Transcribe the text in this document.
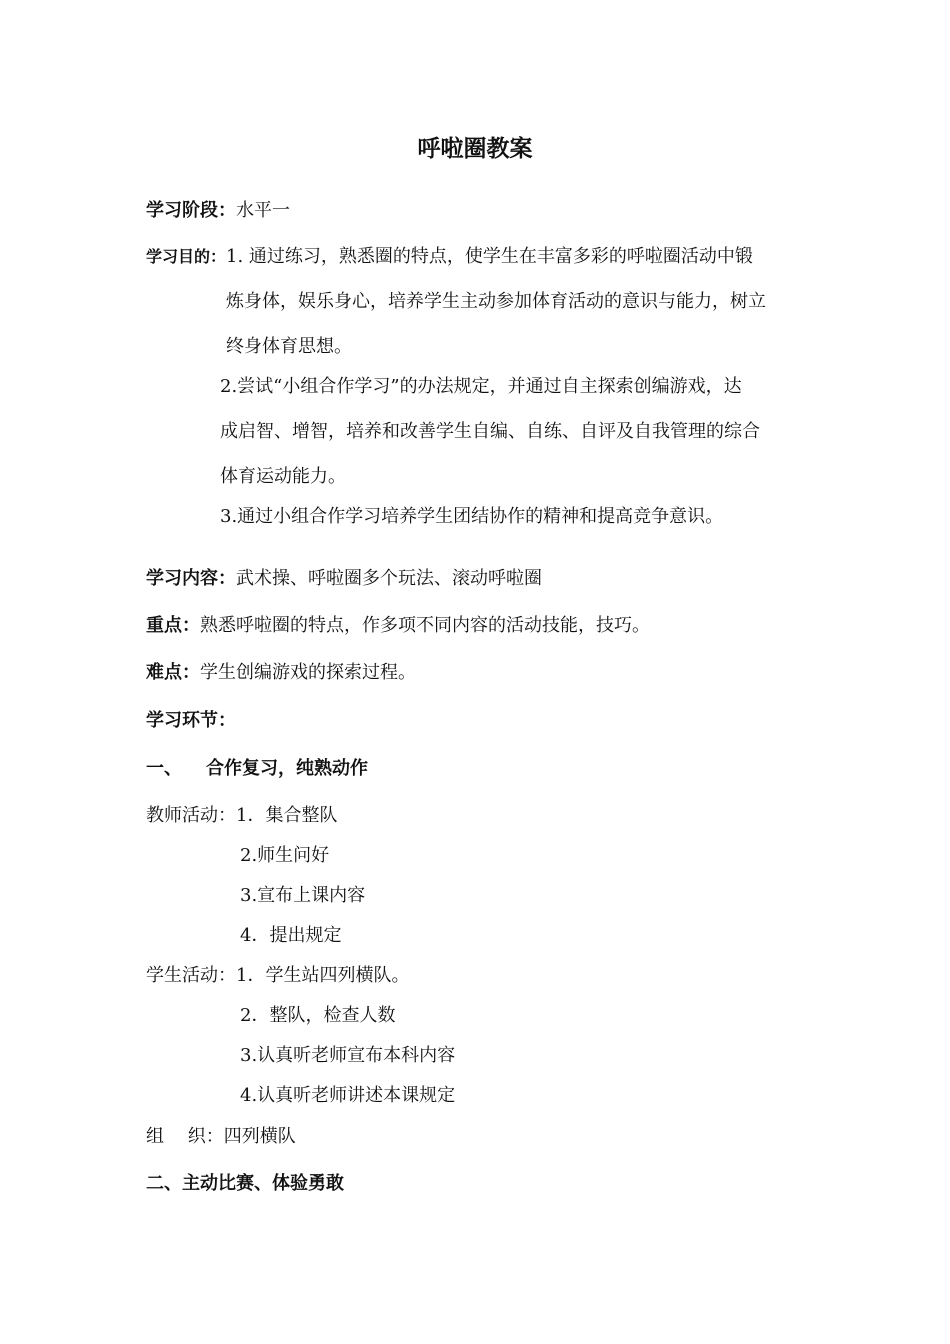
呼啦圈教案
学习阶段：水平一
学习目的：1. 通过练习，熟悉圈的特点，使学生在丰富多彩的呼啦圈活动中锻
炼身体，娱乐身心，培养学生主动参加体育活动的意识与能力，树立
终身体育思想。
2.尝试“小组合作学习”的办法规定，并通过自主探索创编游戏，达
成启智、增智，培养和改善学生自编、自练、自评及自我管理的综合
体育运动能力。
3.通过小组合作学习培养学生团结协作的精神和提高竞争意识。
学习内容：武术操、呼啦圈多个玩法、滚动呼啦圈
重点：熟悉呼啦圈的特点，作多项不同内容的活动技能，技巧。
难点：学生创编游戏的探索过程。
学习环节：
一、 合作复习，纯熟动作
教师活动：1．集合整队
2.师生问好
3.宣布上课内容
4．提出规定
学生活动：1．学生站四列横队。
2．整队，检查人数
3.认真听老师宣布本科内容
4.认真听老师讲述本课规定
组　 织：四列横队
二、主动比赛、体验勇敢
